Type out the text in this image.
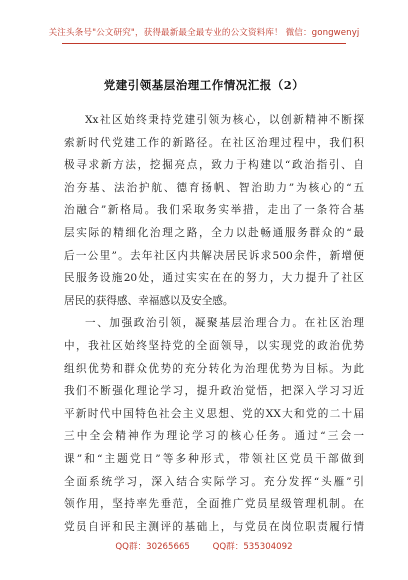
关注头条号"公文研究"，获得最新最全最专业的公文资料库！ 微信：gongwenyj
党建引领基层治理工作情况汇报（2）
Xx社区始终秉持党建引领为核心，以创新精神不断探
索新时代党建工作的新路径。在社区治理过程中，我们积
极寻求新方法，挖掘亮点，致力于构建以“政治指引、自
治夯基、法治护航、德育扬帆、智治助力”为核心的“五
治融合”新格局。我们采取务实举措，走出了一条符合基
层实际的精细化治理之路，全力以赴畅通服务群众的“最
后一公里”。去年社区内共解决居民诉求500余件，新增便
民服务设施20处，通过实实在在的努力，大力提升了社区
居民的获得感、幸福感以及安全感。
一、加强政治引领，凝聚基层治理合力。在社区治理
中，我社区始终坚持党的全面领导，以实现党的政治优势
组织优势和群众优势的充分转化为治理优势为目标。为此
我们不断强化理论学习，提升政治觉悟，把深入学习习近
平新时代中国特色社会主义思想、党的XX大和党的二十届
三中全会精神作为理论学习的核心任务。通过“三会一
课”和“主题党日”等多种形式，带领社区党员干部做到
全面系统学习，深入结合实际学习。充分发挥“头雁”引
领作用，坚持率先垂范，全面推广党员星级管理机制。在
党员自评和民主测评的基础上，与党员在岗位职责履行情
QQ群：30265665	QQ群：535304092
